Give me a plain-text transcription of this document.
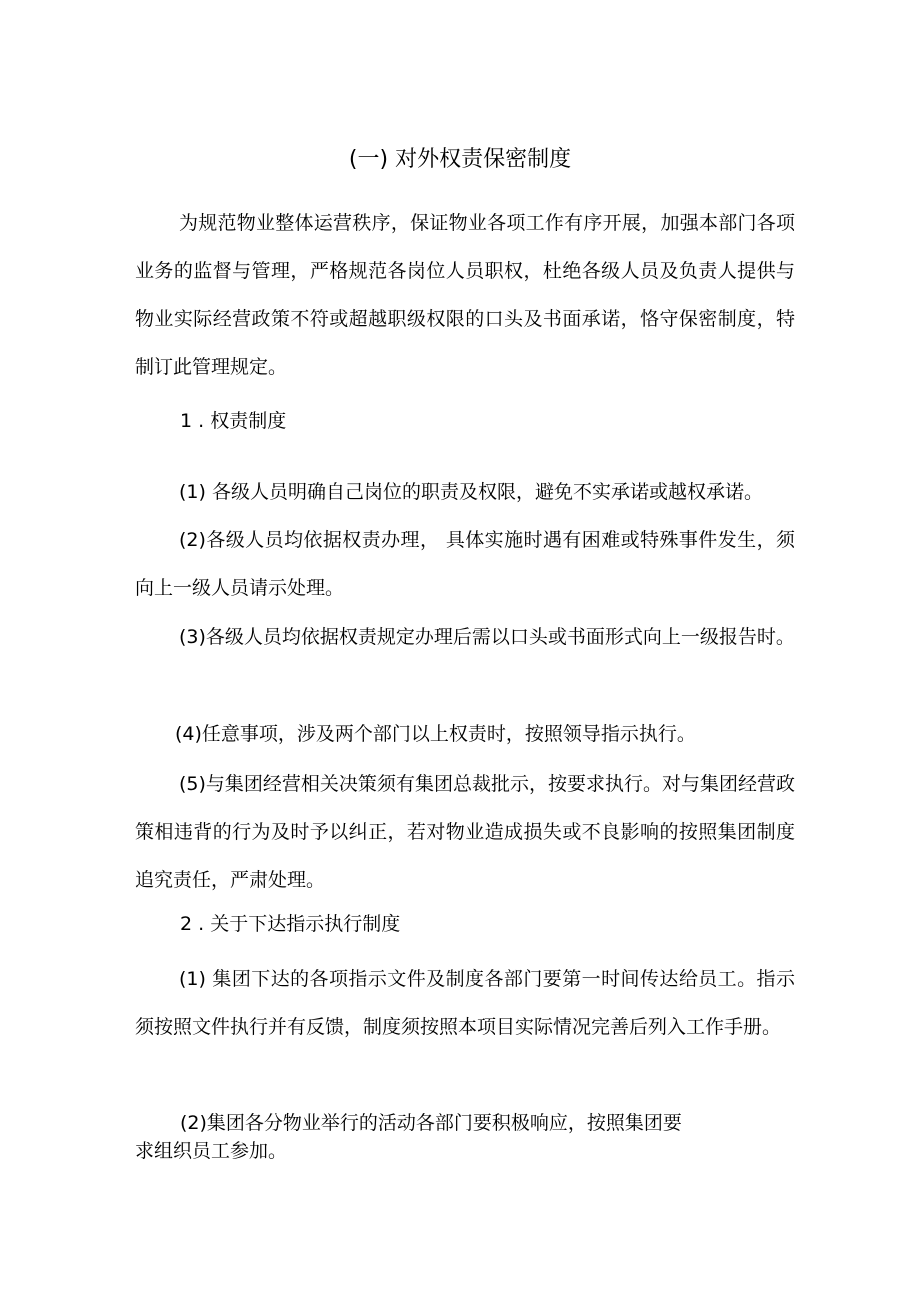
(一) 对外权责保密制度

为规范物业整体运营秩序，保证物业各项工作有序开展，加强本部门各项业务的监督与管理，严格规范各岗位人员职权，杜绝各级人员及负责人提供与物业实际经营政策不符或超越职级权限的口头及书面承诺，恪守保密制度，特制订此管理规定。

1 . 权责制度

(1) 各级人员明确自己岗位的职责及权限，避免不实承诺或越权承诺。

(2)各级人员均依据权责办理， 具体实施时遇有困难或特殊事件发生，须向上一级人员请示处理。

(3)各级人员均依据权责规定办理后需以口头或书面形式向上一级报告时。

(4)任意事项，涉及两个部门以上权责时，按照领导指示执行。

(5)与集团经营相关决策须有集团总裁批示，按要求执行。对与集团经营政策相违背的行为及时予以纠正，若对物业造成损失或不良影响的按照集团制度追究责任，严肃处理。

2 . 关于下达指示执行制度

(1) 集团下达的各项指示文件及制度各部门要第一时间传达给员工。指示须按照文件执行并有反馈，制度须按照本项目实际情况完善后列入工作手册。

(2)集团各分物业举行的活动各部门要积极响应，按照集团要

求组织员工参加。
